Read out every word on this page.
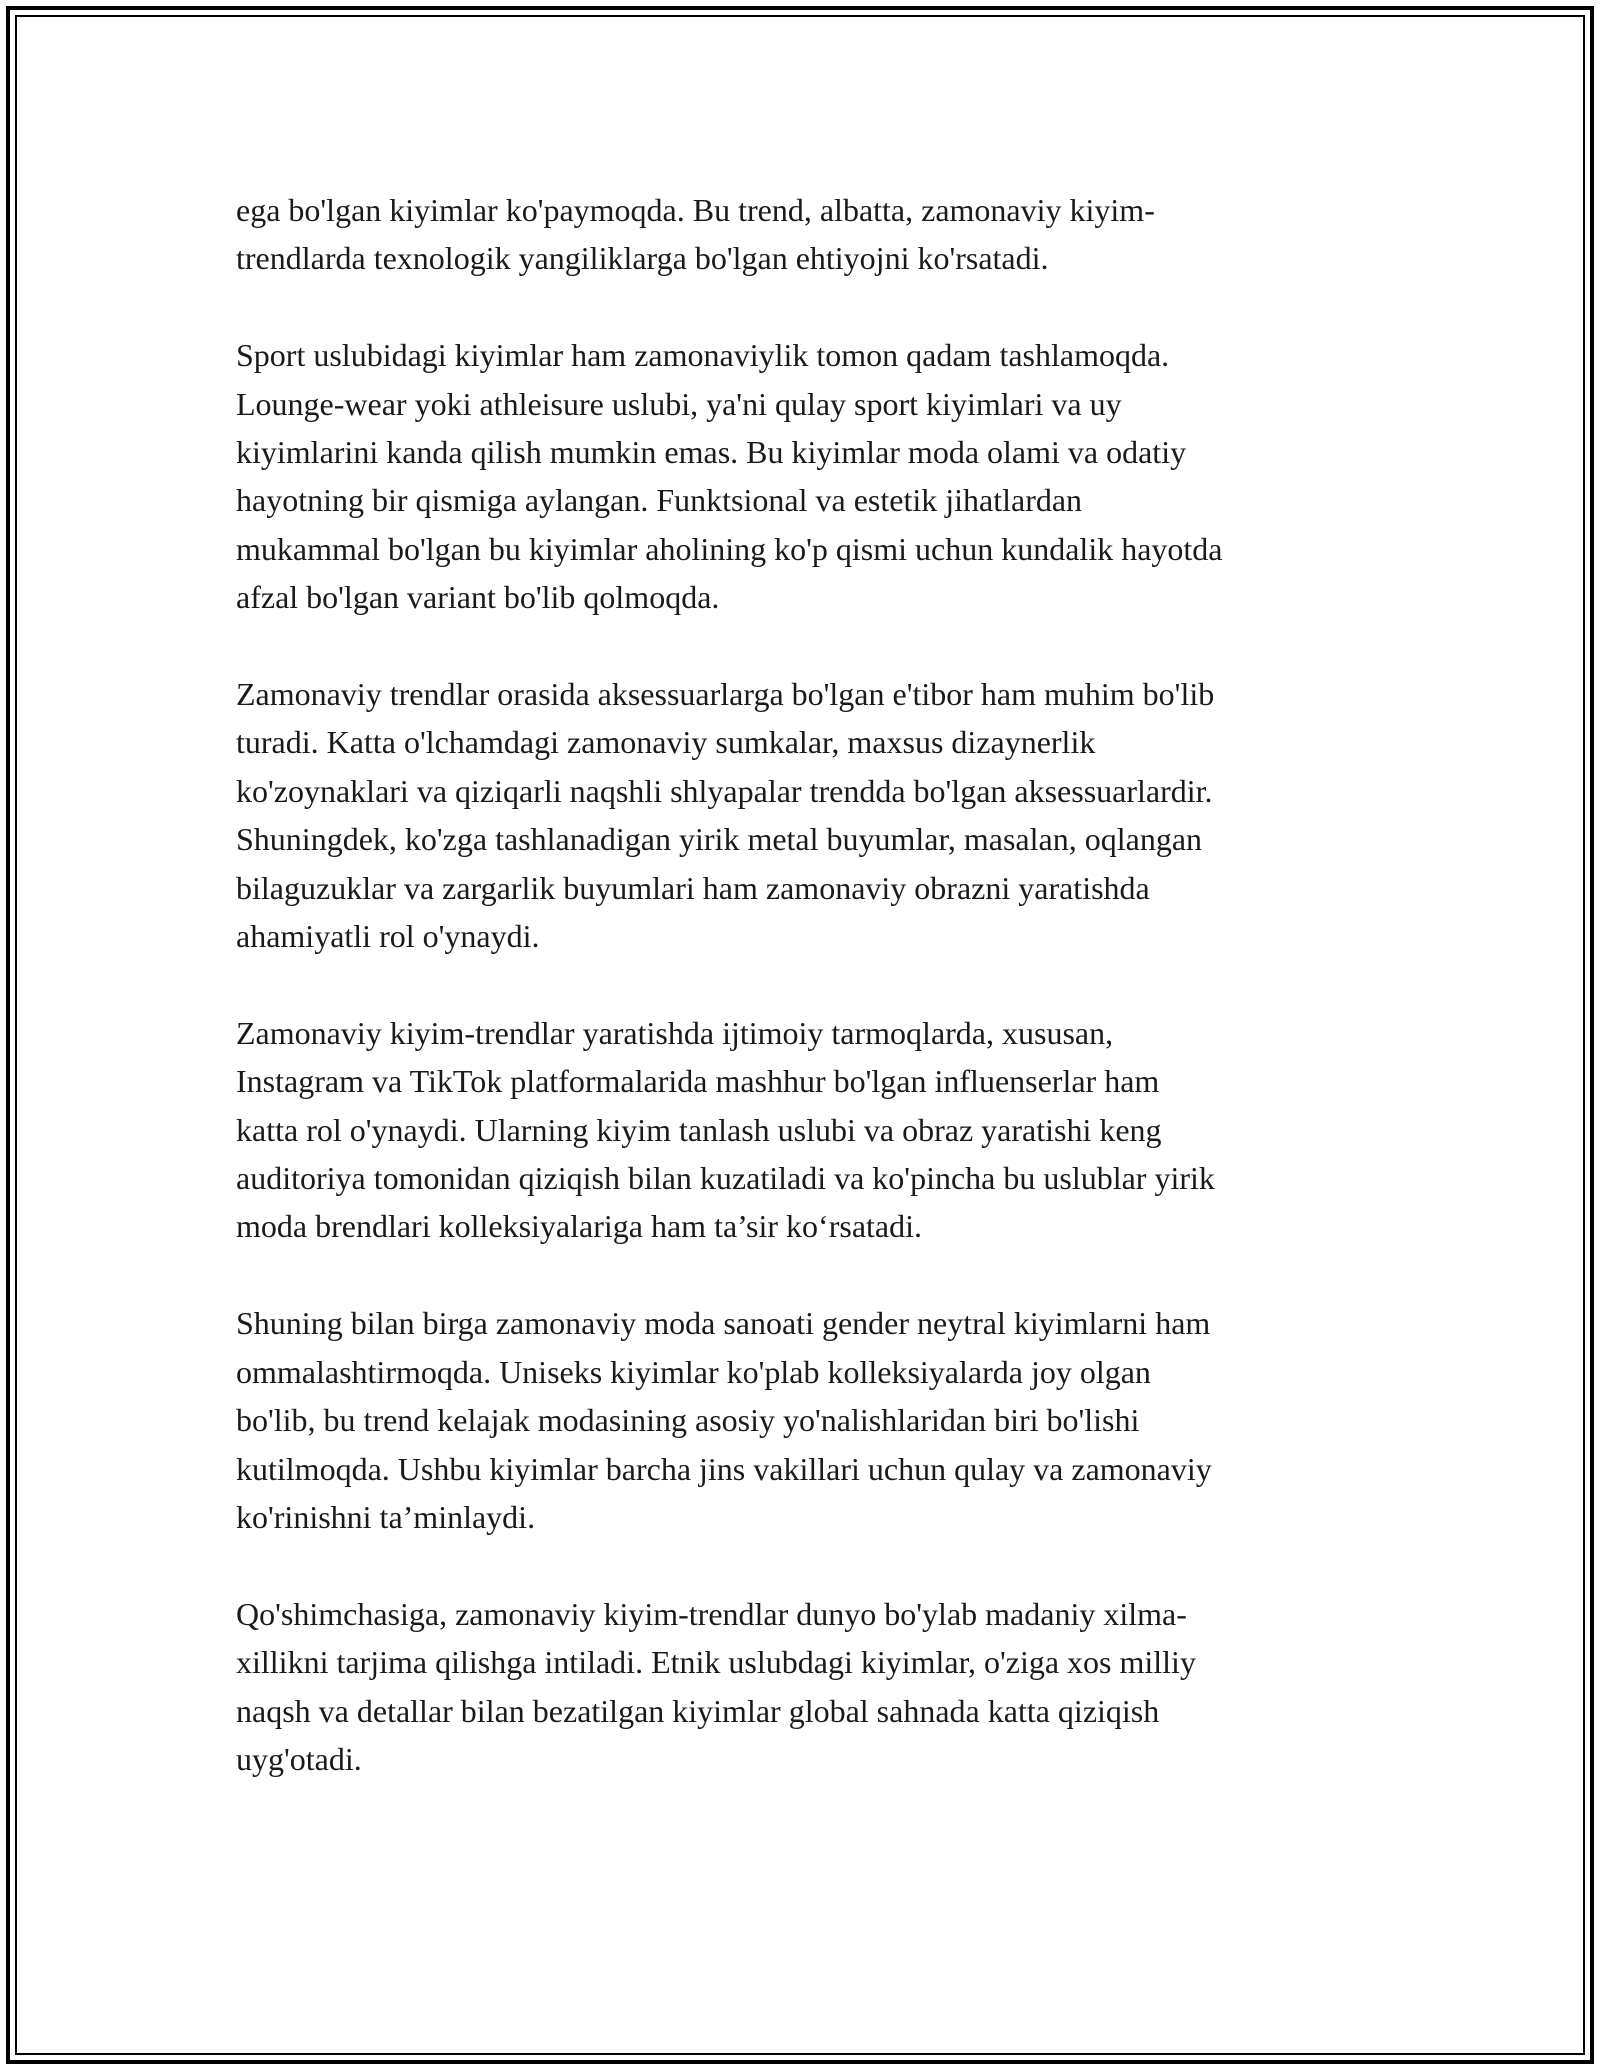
ega bo'lgan kiyimlar ko'paymoqda. Bu trend, albatta, zamonaviy kiyim-
trendlarda texnologik yangiliklarga bo'lgan ehtiyojni ko'rsatadi.

Sport uslubidagi kiyimlar ham zamonaviylik tomon qadam tashlamoqda.
Lounge-wear yoki athleisure uslubi, ya'ni qulay sport kiyimlari va uy
kiyimlarini kanda qilish mumkin emas. Bu kiyimlar moda olami va odatiy
hayotning bir qismiga aylangan. Funktsional va estetik jihatlardan
mukammal bo'lgan bu kiyimlar aholining ko'p qismi uchun kundalik hayotda
afzal bo'lgan variant bo'lib qolmoqda.

Zamonaviy trendlar orasida aksessuarlarga bo'lgan e'tibor ham muhim bo'lib
turadi. Katta o'lchamdagi zamonaviy sumkalar, maxsus dizaynerlik
ko'zoynaklari va qiziqarli naqshli shlyapalar trendda bo'lgan aksessuarlardir.
Shuningdek, ko'zga tashlanadigan yirik metal buyumlar, masalan, oqlangan
bilaguzuklar va zargarlik buyumlari ham zamonaviy obrazni yaratishda
ahamiyatli rol o'ynaydi.

Zamonaviy kiyim-trendlar yaratishda ijtimoiy tarmoqlarda, xususan,
Instagram va TikTok platformalarida mashhur bo'lgan influenserlar ham
katta rol o'ynaydi. Ularning kiyim tanlash uslubi va obraz yaratishi keng
auditoriya tomonidan qiziqish bilan kuzatiladi va ko'pincha bu uslublar yirik
moda brendlari kolleksiyalariga ham ta’sir ko‘rsatadi.

Shuning bilan birga zamonaviy moda sanoati gender neytral kiyimlarni ham
ommalashtirmoqda. Uniseks kiyimlar ko'plab kolleksiyalarda joy olgan
bo'lib, bu trend kelajak modasining asosiy yo'nalishlaridan biri bo'lishi
kutilmoqda. Ushbu kiyimlar barcha jins vakillari uchun qulay va zamonaviy
ko'rinishni ta’minlaydi.

Qo'shimchasiga, zamonaviy kiyim-trendlar dunyo bo'ylab madaniy xilma-
xillikni tarjima qilishga intiladi. Etnik uslubdagi kiyimlar, o'ziga xos milliy
naqsh va detallar bilan bezatilgan kiyimlar global sahnada katta qiziqish
uyg'otadi.
